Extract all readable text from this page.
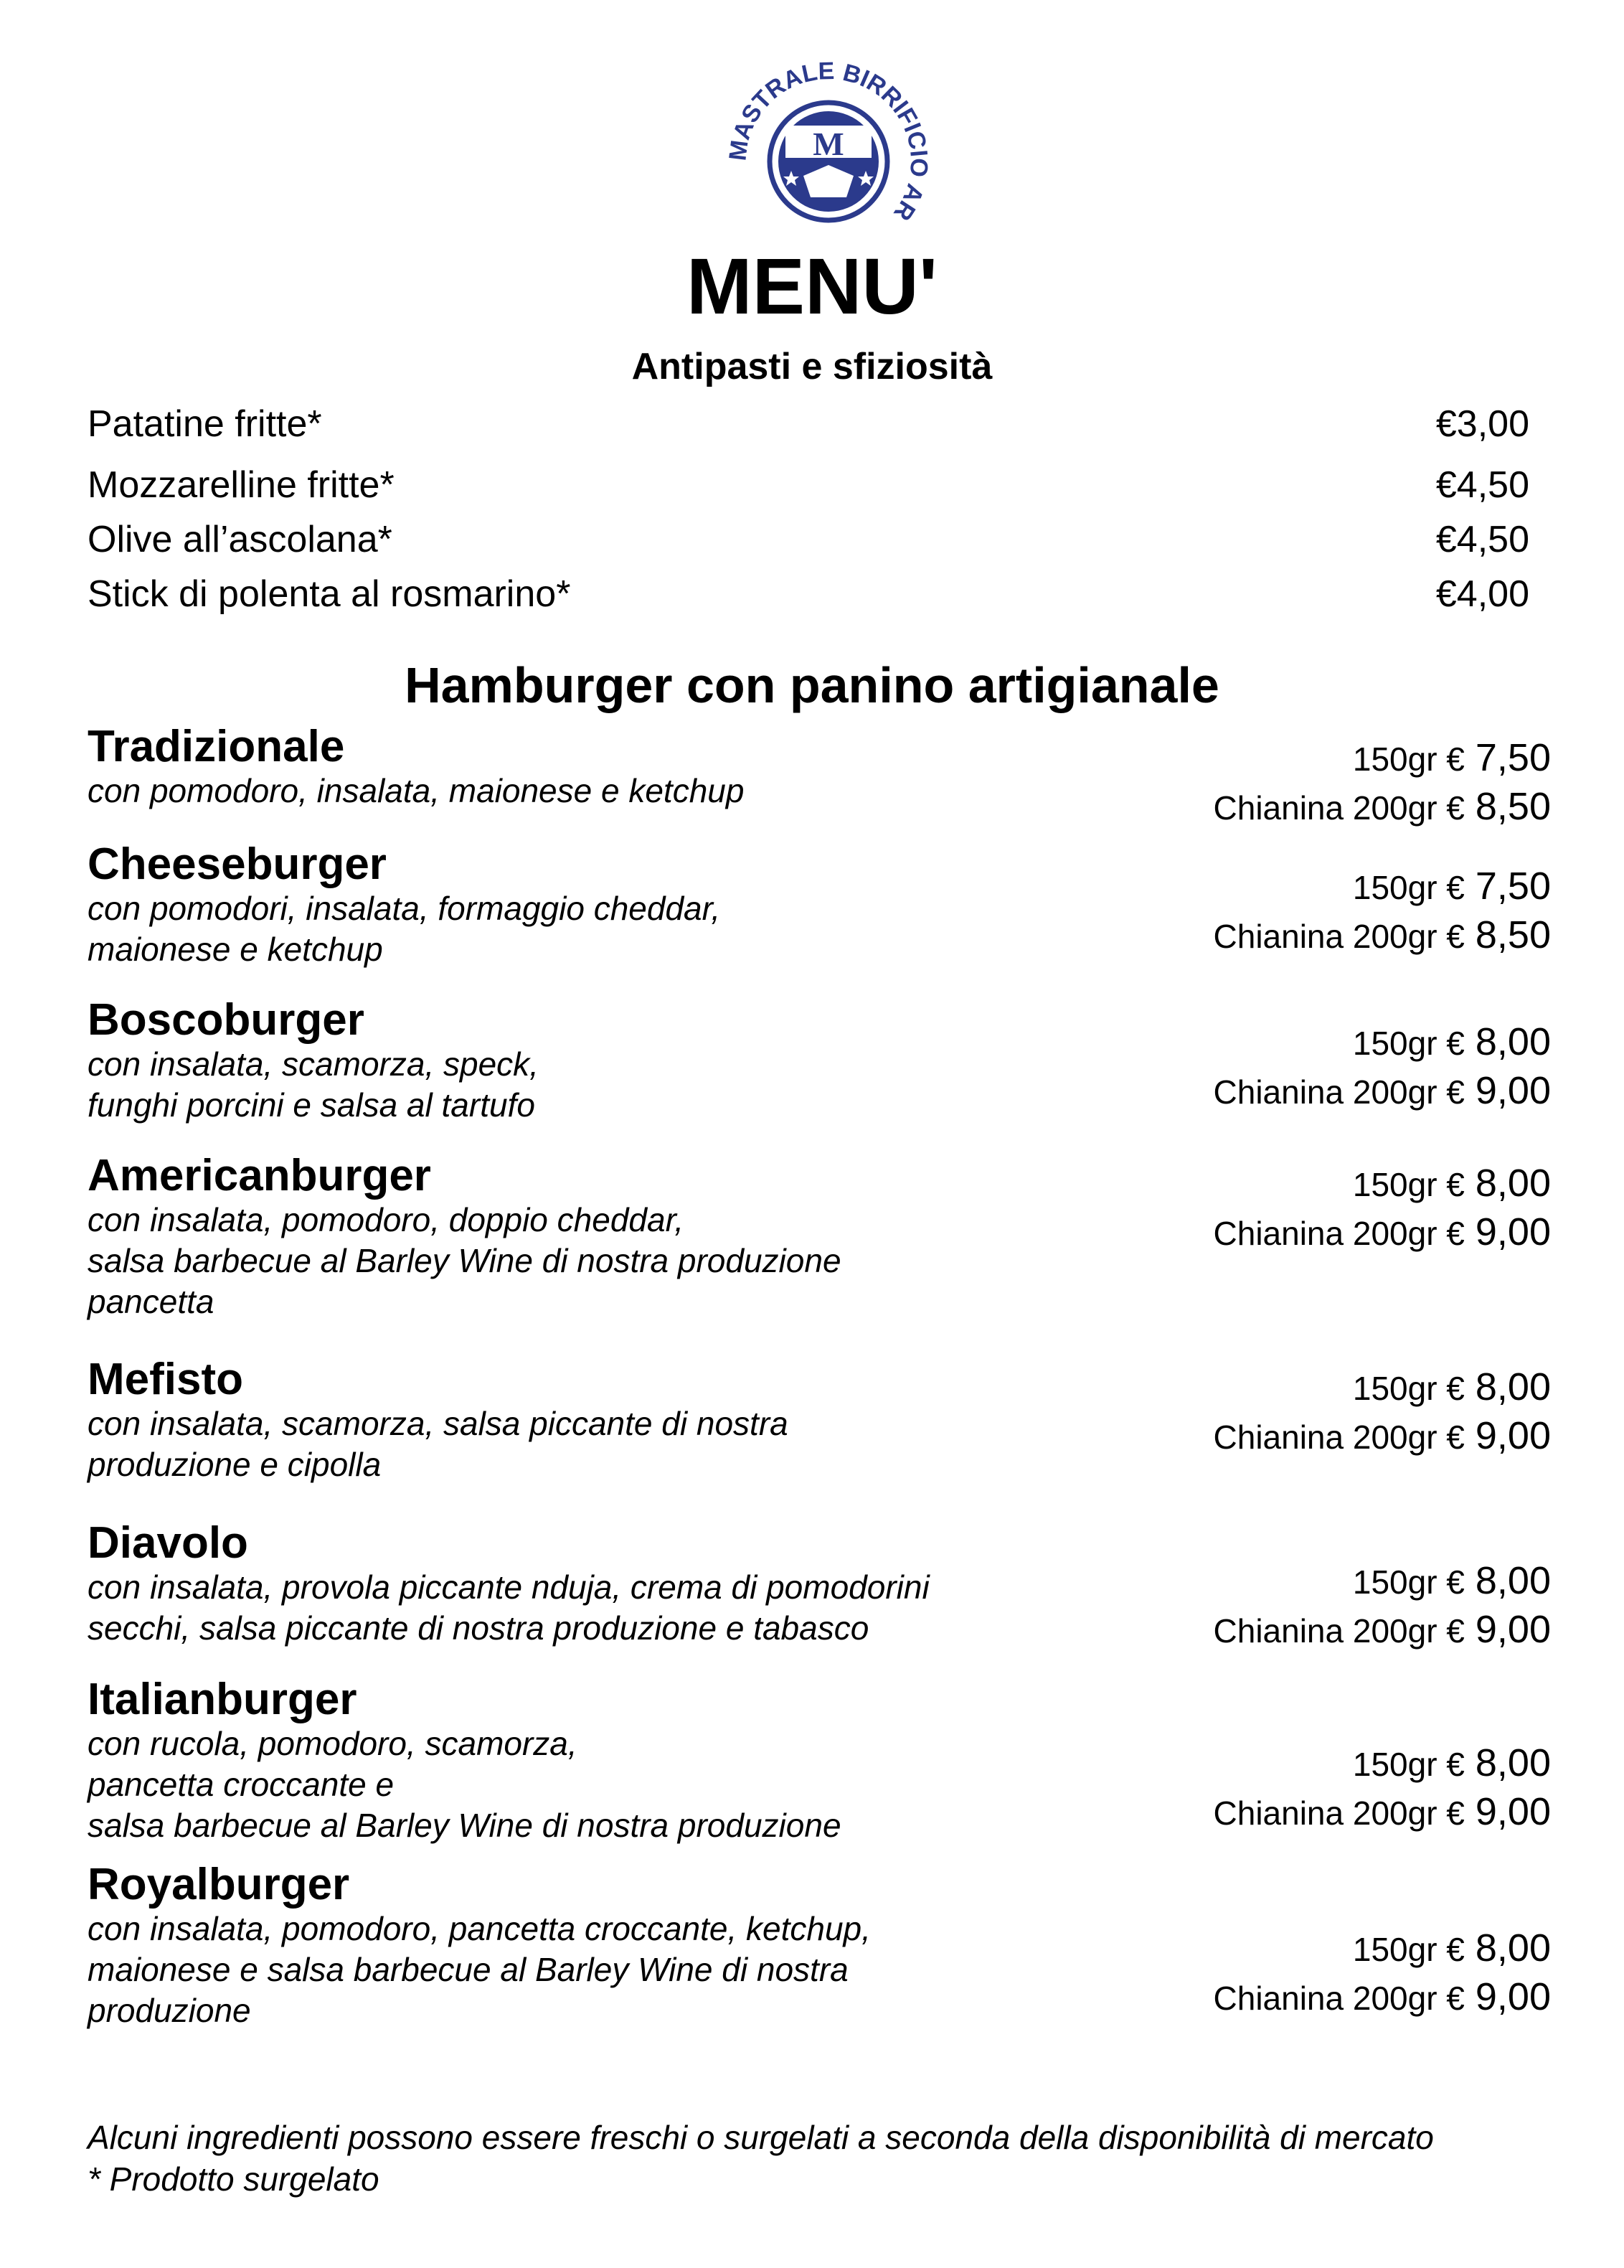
M
MASTRALE BIRRIFICIO AR
MENU'
Antipasti e sfiziosità
Patatine fritte*	€3,00
Mozzarelline fritte*	€4,50
Olive all’ascolana*	€4,50
Stick di polenta al rosmarino*	€4,00
Hamburger con panino artigianale
Tradizionale
con pomodoro, insalata, maionese e ketchup
150gr € 7,50
Chianina 200gr € 8,50
Cheeseburger
con pomodori, insalata, formaggio cheddar,
maionese e ketchup
150gr € 7,50
Chianina 200gr € 8,50
Boscoburger
con insalata, scamorza, speck,
funghi porcini e salsa al tartufo
150gr € 8,00
Chianina 200gr € 9,00
Americanburger
con insalata, pomodoro, doppio cheddar,
salsa barbecue al Barley Wine di nostra produzione
pancetta
150gr € 8,00
Chianina 200gr € 9,00
Mefisto
con insalata, scamorza, salsa piccante di nostra
produzione e cipolla
150gr € 8,00
Chianina 200gr € 9,00
Diavolo
con insalata, provola piccante nduja, crema di pomodorini
secchi, salsa piccante di nostra produzione e tabasco
150gr € 8,00
Chianina 200gr € 9,00
Italianburger
con rucola, pomodoro, scamorza,
pancetta croccante e
salsa barbecue al Barley Wine di nostra produzione
150gr € 8,00
Chianina 200gr € 9,00
Royalburger
con insalata, pomodoro, pancetta croccante, ketchup,
maionese e salsa barbecue al Barley Wine di nostra
produzione
150gr € 8,00
Chianina 200gr € 9,00
Alcuni ingredienti possono essere freschi o surgelati a seconda della disponibilità di mercato
* Prodotto surgelato
